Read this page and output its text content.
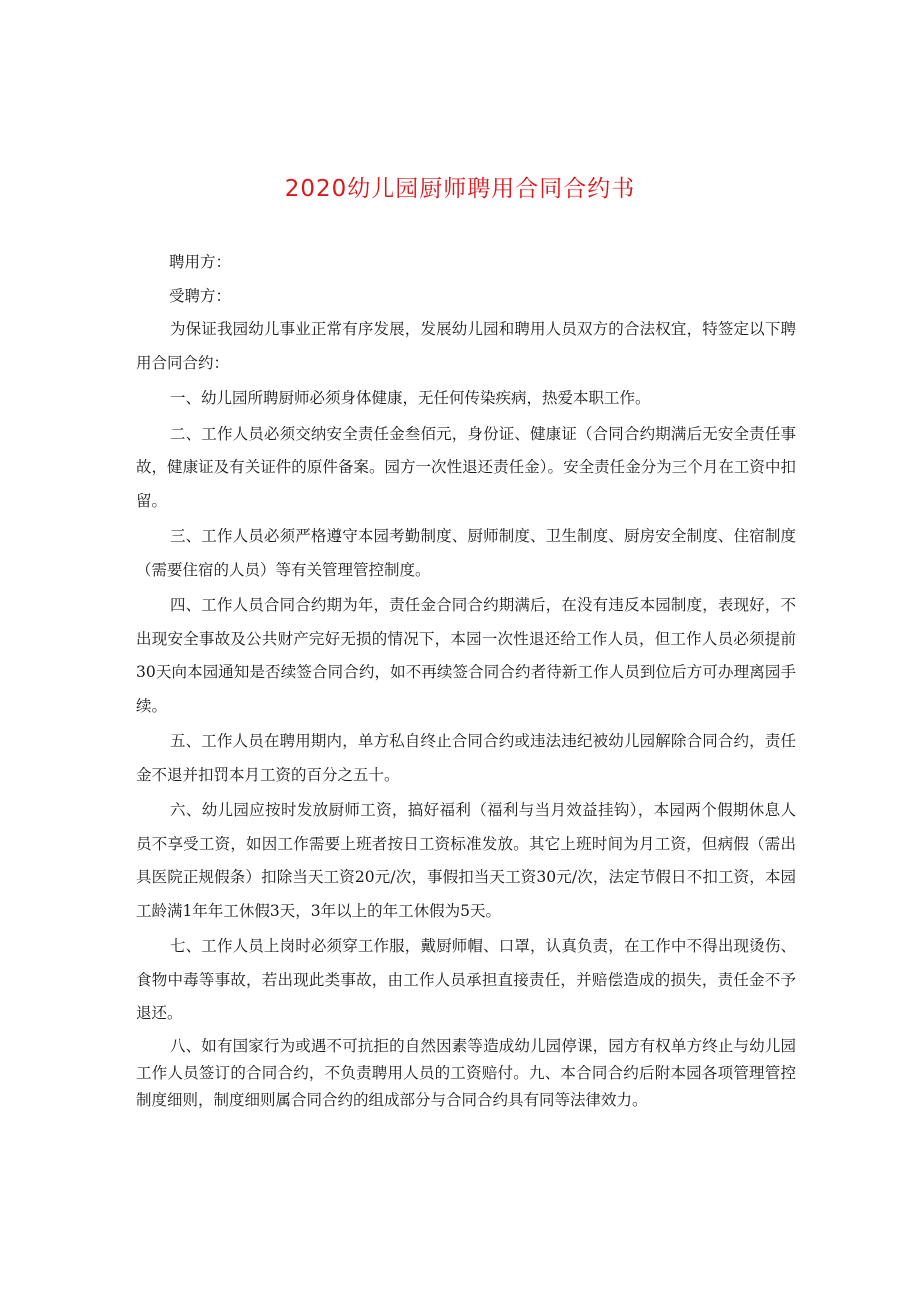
2020幼儿园厨师聘用合同合约书

聘用方：

受聘方：

为保证我园幼儿事业正常有序发展，发展幼儿园和聘用人员双方的合法权宜，特签定以下聘用合同合约：

一、幼儿园所聘厨师必须身体健康，无任何传染疾病，热爱本职工作。

二、工作人员必须交纳安全责任金叁佰元，身份证、健康证（合同合约期满后无安全责任事故，健康证及有关证件的原件备案。园方一次性退还责任金）。安全责任金分为三个月在工资中扣留。

三、工作人员必须严格遵守本园考勤制度、厨师制度、卫生制度、厨房安全制度、住宿制度（需要住宿的人员）等有关管理管控制度。

四、工作人员合同合约期为年，责任金合同合约期满后，在没有违反本园制度，表现好，不出现安全事故及公共财产完好无损的情况下，本园一次性退还给工作人员，但工作人员必须提前30天向本园通知是否续签合同合约，如不再续签合同合约者待新工作人员到位后方可办理离园手续。

五、工作人员在聘用期内，单方私自终止合同合约或违法违纪被幼儿园解除合同合约，责任金不退并扣罚本月工资的百分之五十。

六、幼儿园应按时发放厨师工资，搞好福利（福利与当月效益挂钩），本园两个假期休息人员不享受工资，如因工作需要上班者按日工资标准发放。其它上班时间为月工资，但病假（需出具医院正规假条）扣除当天工资20元/次，事假扣当天工资30元/次，法定节假日不扣工资，本园工龄满1年年工休假3天，3年以上的年工休假为5天。

七、工作人员上岗时必须穿工作服，戴厨师帽、口罩，认真负责，在工作中不得出现烫伤、食物中毒等事故，若出现此类事故，由工作人员承担直接责任，并赔偿造成的损失，责任金不予退还。

八、如有国家行为或遇不可抗拒的自然因素等造成幼儿园停课，园方有权单方终止与幼儿园工作人员签订的合同合约，不负责聘用人员的工资赔付。九、本合同合约后附本园各项管理管控制度细则，制度细则属合同合约的组成部分与合同合约具有同等法律效力。
